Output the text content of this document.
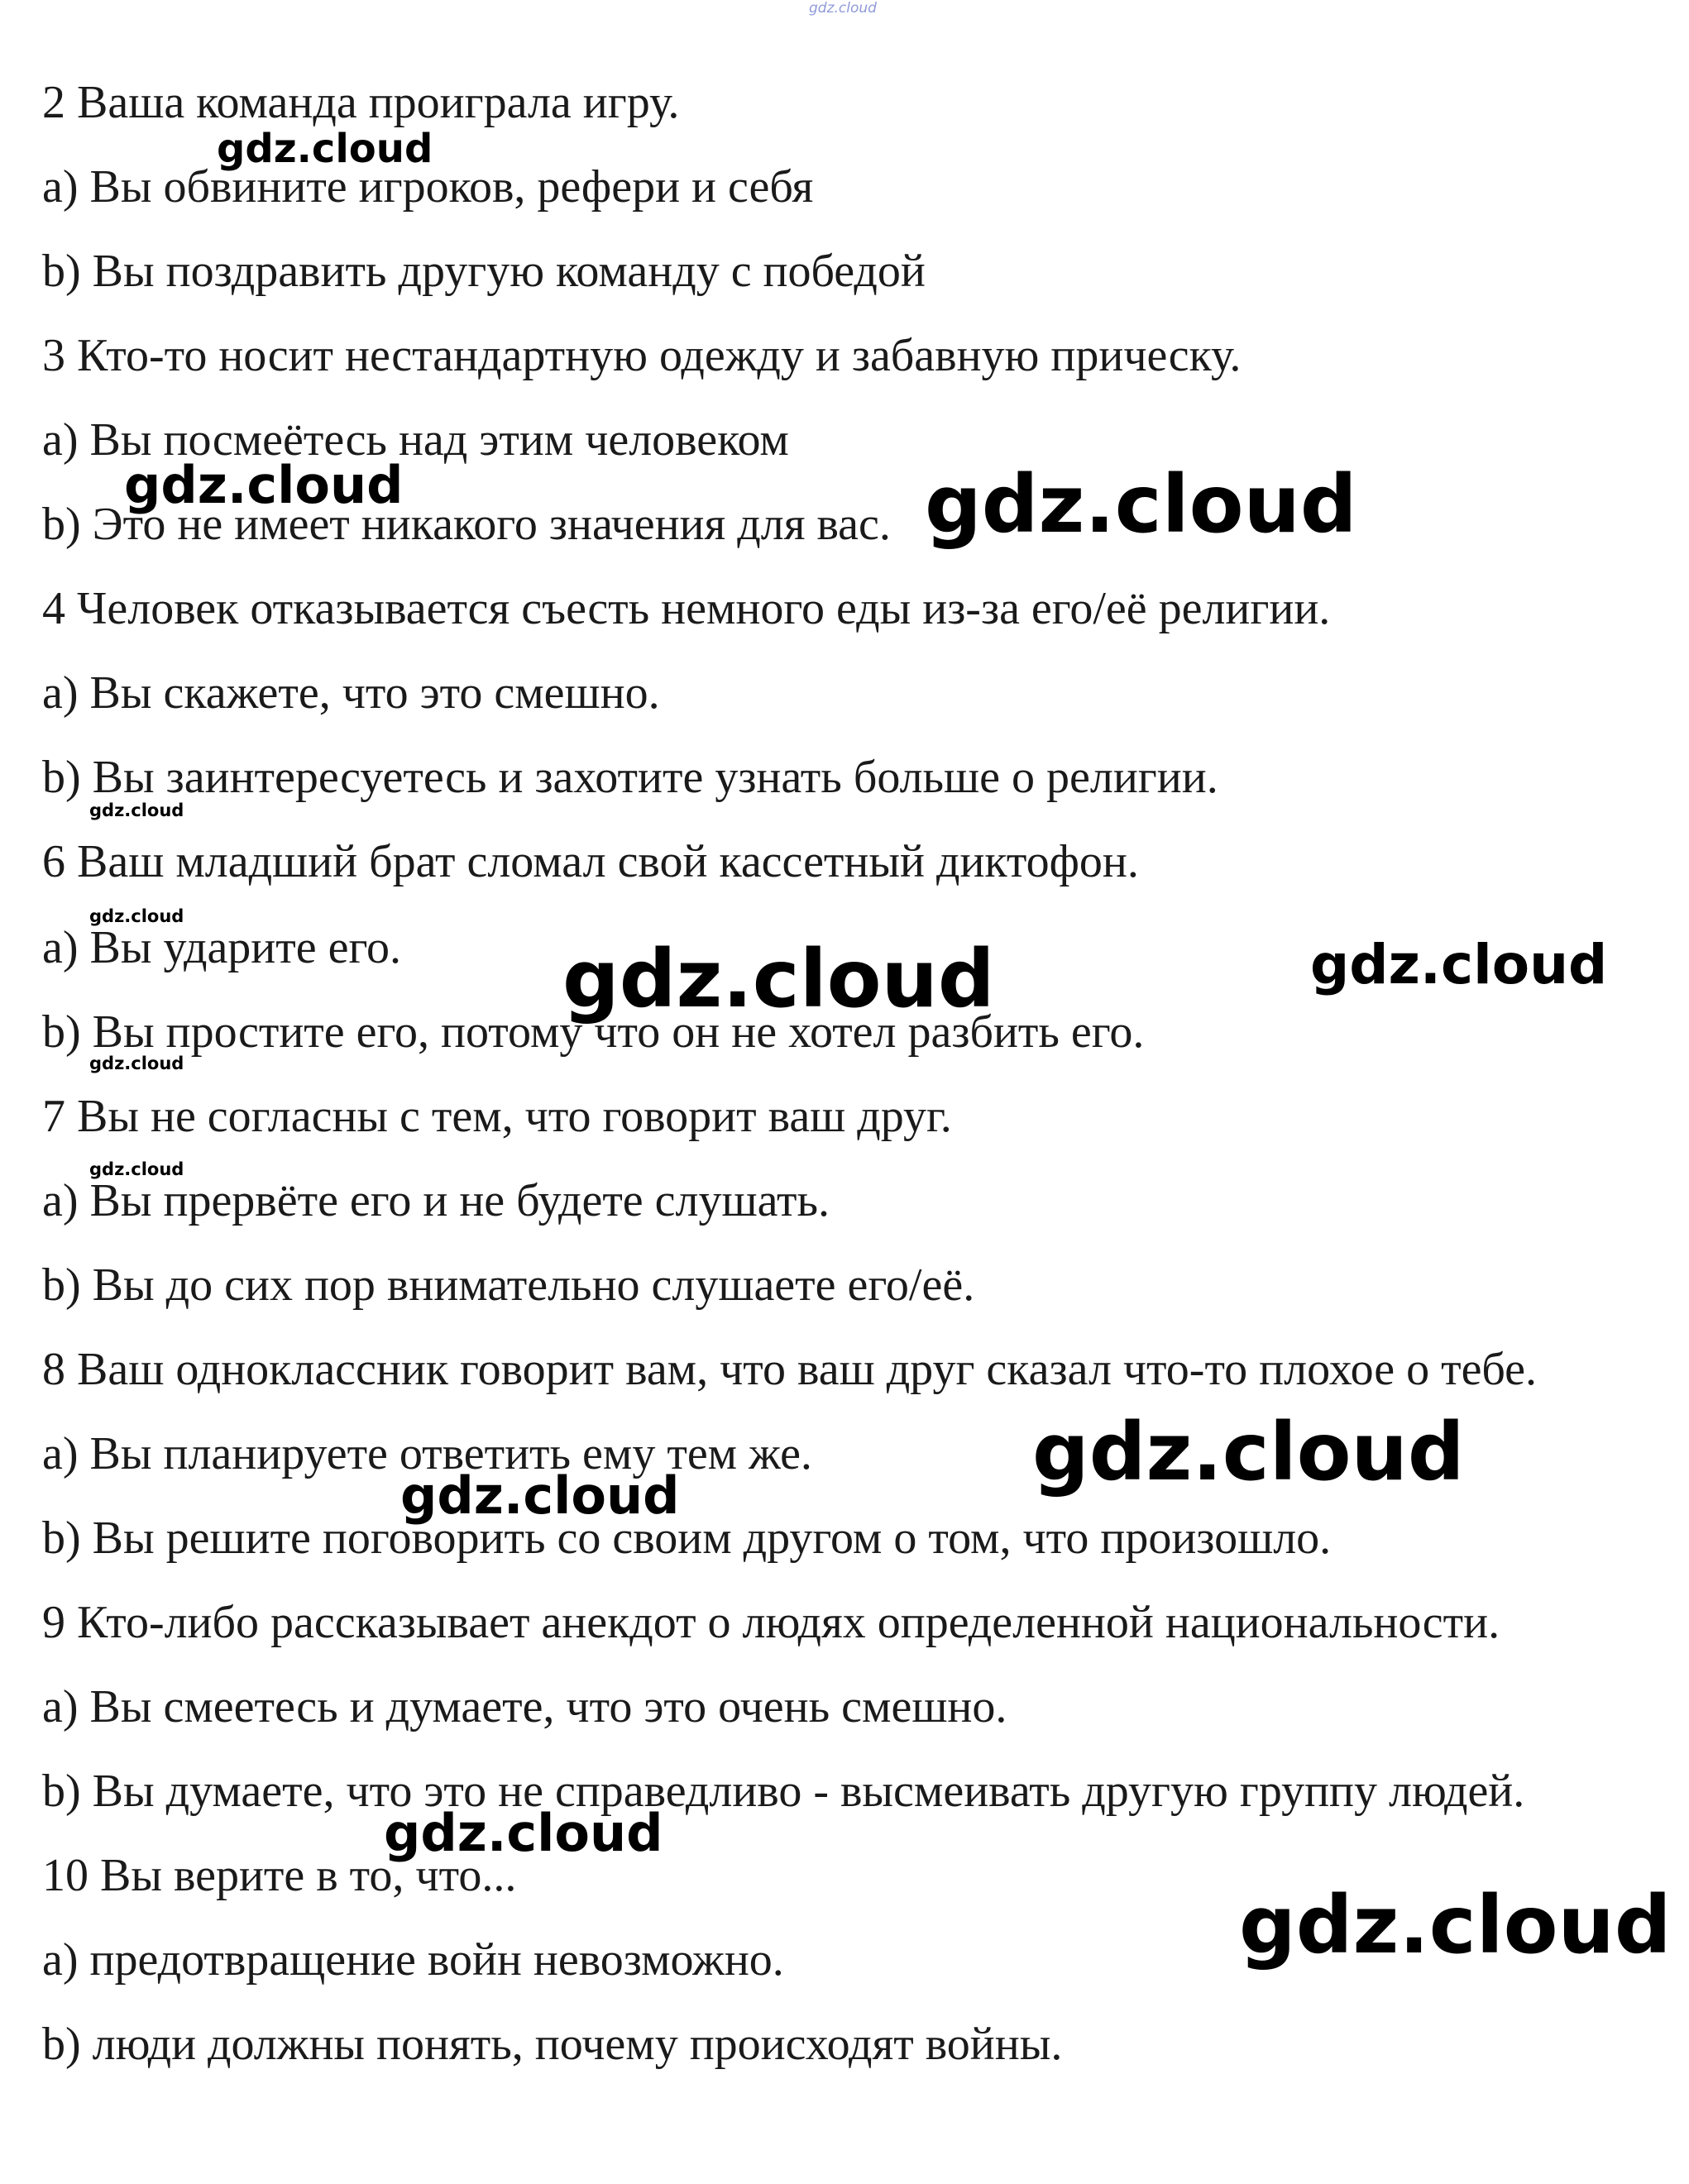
2 Ваша команда проиграла игру.
a) Вы обвините игроков, рефери и себя
b) Вы поздравить другую команду с победой
3 Кто-то носит нестандартную одежду и забавную прическу.
a) Вы посмеётесь над этим человеком
b) Это не имеет никакого значения для вас.
4 Человек отказывается съесть немного еды из-за его/её религии.
a) Вы скажете, что это смешно.
b) Вы заинтересуетесь и захотите узнать больше о религии.
6 Ваш младший брат сломал свой кассетный диктофон.
a) Вы ударите его.
b) Вы простите его, потому что он не хотел разбить его.
7 Вы не согласны с тем, что говорит ваш друг.
a) Вы прервёте его и не будете слушать.
b) Вы до сих пор внимательно слушаете его/её.
8 Ваш одноклассник говорит вам, что ваш друг сказал что-то плохое о тебе.
a) Вы планируете ответить ему тем же.
b) Вы решите поговорить со своим другом о том, что произошло.
9 Кто-либо рассказывает анекдот о людях определенной национальности.
a) Вы смеетесь и думаете, что это очень смешно.
b) Вы думаете, что это не справедливо - высмеивать другую группу людей.
10 Вы верите в то, что...
a) предотвращение войн невозможно.
b) люди должны понять, почему происходят войны.
gdz.cloud
gdz.cloud
gdz.cloud	gdz.cloud
gdz.cloud
gdz.cloud
gdz.cloud	gdz.cloud
gdz.cloud
gdz.cloud
gdz.cloud
gdz.cloud
gdz.cloud
gdz.cloud
